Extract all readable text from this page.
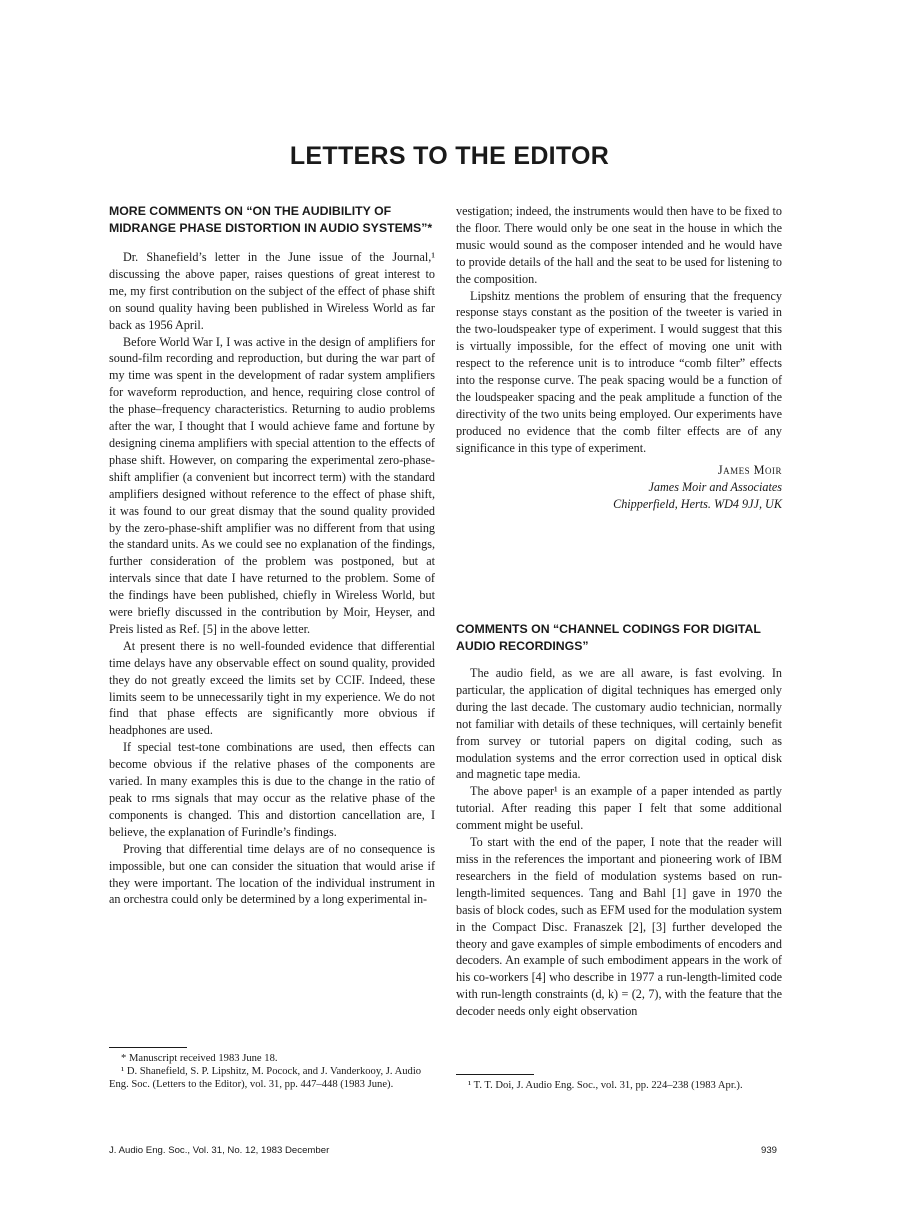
LETTERS TO THE EDITOR

MORE COMMENTS ON “ON THE AUDIBILITY OF MIDRANGE PHASE DISTORTION IN AUDIO SYSTEMS”*

Dr. Shanefield’s letter in the June issue of the Journal,¹ discussing the above paper, raises questions of great interest to me, my first contribution on the subject of the effect of phase shift on sound quality having been published in Wireless World as far back as 1956 April.

Before World War I, I was active in the design of amplifiers for sound-film recording and reproduction, but during the war part of my time was spent in the development of radar system amplifiers for waveform reproduction, and hence, requiring close control of the phase–frequency characteristics. Returning to audio problems after the war, I thought that I would achieve fame and fortune by designing cinema amplifiers with special attention to the effects of phase shift. However, on comparing the experimental zero-phase-shift amplifier (a convenient but incorrect term) with the standard amplifiers designed without reference to the effect of phase shift, it was found to our great dismay that the sound quality provided by the zero-phase-shift amplifier was no different from that using the standard units. As we could see no explanation of the findings, further consideration of the problem was postponed, but at intervals since that date I have returned to the problem. Some of the findings have been published, chiefly in Wireless World, but were briefly discussed in the contribution by Moir, Heyser, and Preis listed as Ref. [5] in the above letter.

At present there is no well-founded evidence that differential time delays have any observable effect on sound quality, provided they do not greatly exceed the limits set by CCIF. Indeed, these limits seem to be unnecessarily tight in my experience. We do not find that phase effects are significantly more obvious if headphones are used.

If special test-tone combinations are used, then effects can become obvious if the relative phases of the components are varied. In many examples this is due to the change in the ratio of peak to rms signals that may occur as the relative phase of the components is changed. This and distortion cancellation are, I believe, the explanation of Furindle’s findings.

Proving that differential time delays are of no consequence is impossible, but one can consider the situation that would arise if they were important. The location of the individual instrument in an orchestra could only be determined by a long experimental in-

vestigation; indeed, the instruments would then have to be fixed to the floor. There would only be one seat in the house in which the music would sound as the composer intended and he would have to provide details of the hall and the seat to be used for listening to the composition.

Lipshitz mentions the problem of ensuring that the frequency response stays constant as the position of the tweeter is varied in the two-loudspeaker type of experiment. I would suggest that this is virtually impossible, for the effect of moving one unit with respect to the reference unit is to introduce “comb filter” effects into the response curve. The peak spacing would be a function of the loudspeaker spacing and the peak amplitude a function of the directivity of the two units being employed. Our experiments have produced no evidence that the comb filter effects are of any significance in this type of experiment.

James Moir
James Moir and Associates
Chipperfield, Herts. WD4 9JJ, UK

COMMENTS ON “CHANNEL CODINGS FOR DIGITAL AUDIO RECORDINGS”

The audio field, as we are all aware, is fast evolving. In particular, the application of digital techniques has emerged only during the last decade. The customary audio technician, normally not familiar with details of these techniques, will certainly benefit from survey or tutorial papers on digital coding, such as modulation systems and the error correction used in optical disk and magnetic tape media.

The above paper¹ is an example of a paper intended as partly tutorial. After reading this paper I felt that some additional comment might be useful.

To start with the end of the paper, I note that the reader will miss in the references the important and pioneering work of IBM researchers in the field of modulation systems based on run-length-limited sequences. Tang and Bahl [1] gave in 1970 the basis of block codes, such as EFM used for the modulation system in the Compact Disc. Franaszek [2], [3] further developed the theory and gave examples of simple embodiments of encoders and decoders. An example of such embodiment appears in the work of his co-workers [4] who describe in 1977 a run-length-limited code with run-length constraints (d, k) = (2, 7), with the feature that the decoder needs only eight observation

* Manuscript received 1983 June 18.

¹ D. Shanefield, S. P. Lipshitz, M. Pocock, and J. Vanderkooy, J. Audio Eng. Soc. (Letters to the Editor), vol. 31, pp. 447–448 (1983 June).	¹ T. T. Doi, J. Audio Eng. Soc., vol. 31, pp. 224–238 (1983 Apr.).

J. Audio Eng. Soc., Vol. 31, No. 12, 1983 December	939
